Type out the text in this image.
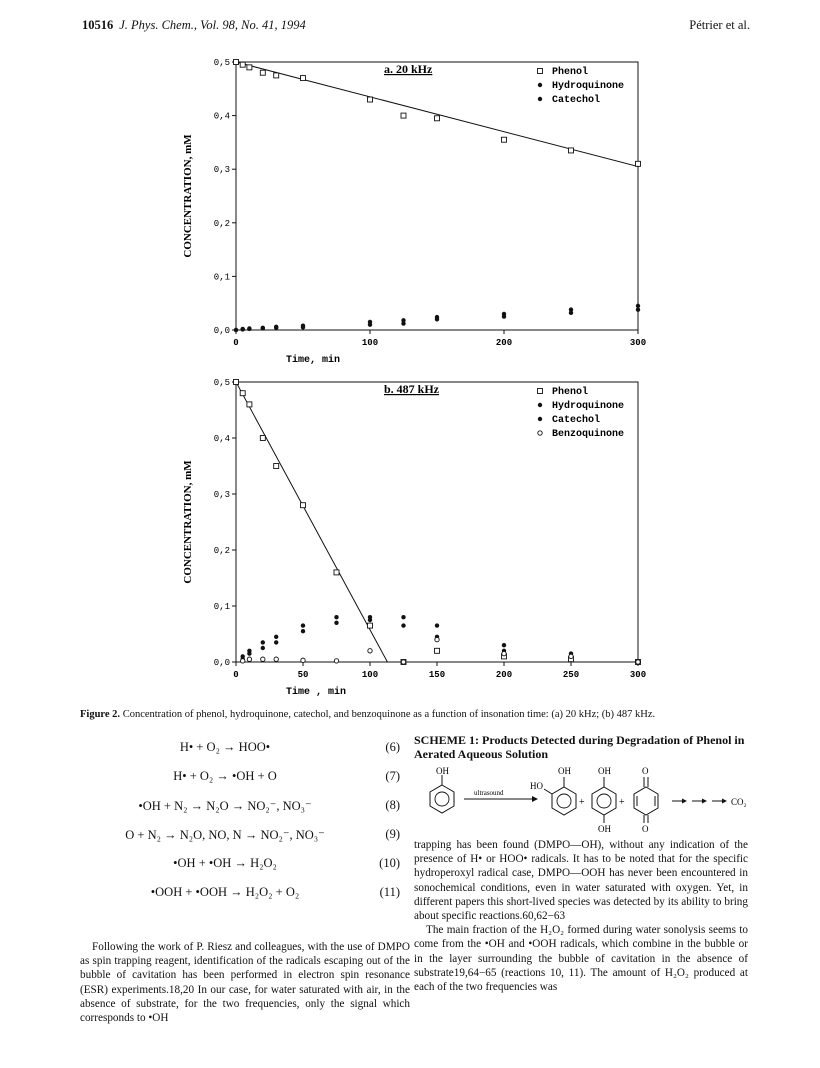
10516 J. Phys. Chem., Vol. 98, No. 41, 1994	Pétrier et al.
0,0
0,1
0,2
0,3
0,4
0,5
0	100	200	300
Time, min
CONCENTRATION, mM
a. 20 kHz	Phenol
Hydroquinone
Catechol
0,0
0,1
0,2
0,3
0,4
0,5
0	50	100	150	200	250	300
Time , min
CONCENTRATION, mM
b. 487 kHz	Phenol
Hydroquinone
Catechol
Benzoquinone
Figure 2. Concentration of phenol, hydroquinone, catechol, and benzoquinone as a function of insonation time: (a) 20 kHz; (b) 487 kHz.
H• + O₂ → HOO•	(6)
H• + O₂ → •OH + O	(7)
•OH + N₂ → N₂O → NO₂⁻, NO₃⁻	(8)
O + N₂ → N₂O, NO, N → NO₂⁻, NO₃⁻	(9)
•OH + •OH → H₂O₂	(10)
•OOH + •OOH → H₂O₂ + O₂	(11)

Following the work of P. Riesz and colleagues, with the use of DMPO as spin trapping reagent, identification of the radicals escaping out of the bubble of cavitation has been performed in electron spin resonance (ESR) experiments.18,20 In our case, for water saturated with air, in the absence of substrate, for the two frequencies, only the signal which corresponds to •OH

SCHEME 1: Products Detected during Degradation of Phenol in Aerated Aqueous Solution
OH
ultrasound
OH
HO
+
OH
OH
+
O
O
CO₂

trapping has been found (DMPO—OH), without any indication of the presence of H• or HOO• radicals. It has to be noted that for the specific hydroperoxyl radical case, DMPO—OOH has never been encountered in sonochemical conditions, even in water saturated with oxygen. Yet, in different papers this short-lived species was detected by its ability to bring about specific reactions.60,62−63

The main fraction of the H₂O₂ formed during water sonolysis seems to come from the •OH and •OOH radicals, which combine in the bubble or in the layer surrounding the bubble of cavitation in the absence of substrate19,64−65 (reactions 10, 11). The amount of H₂O₂ produced at each of the two frequencies was
